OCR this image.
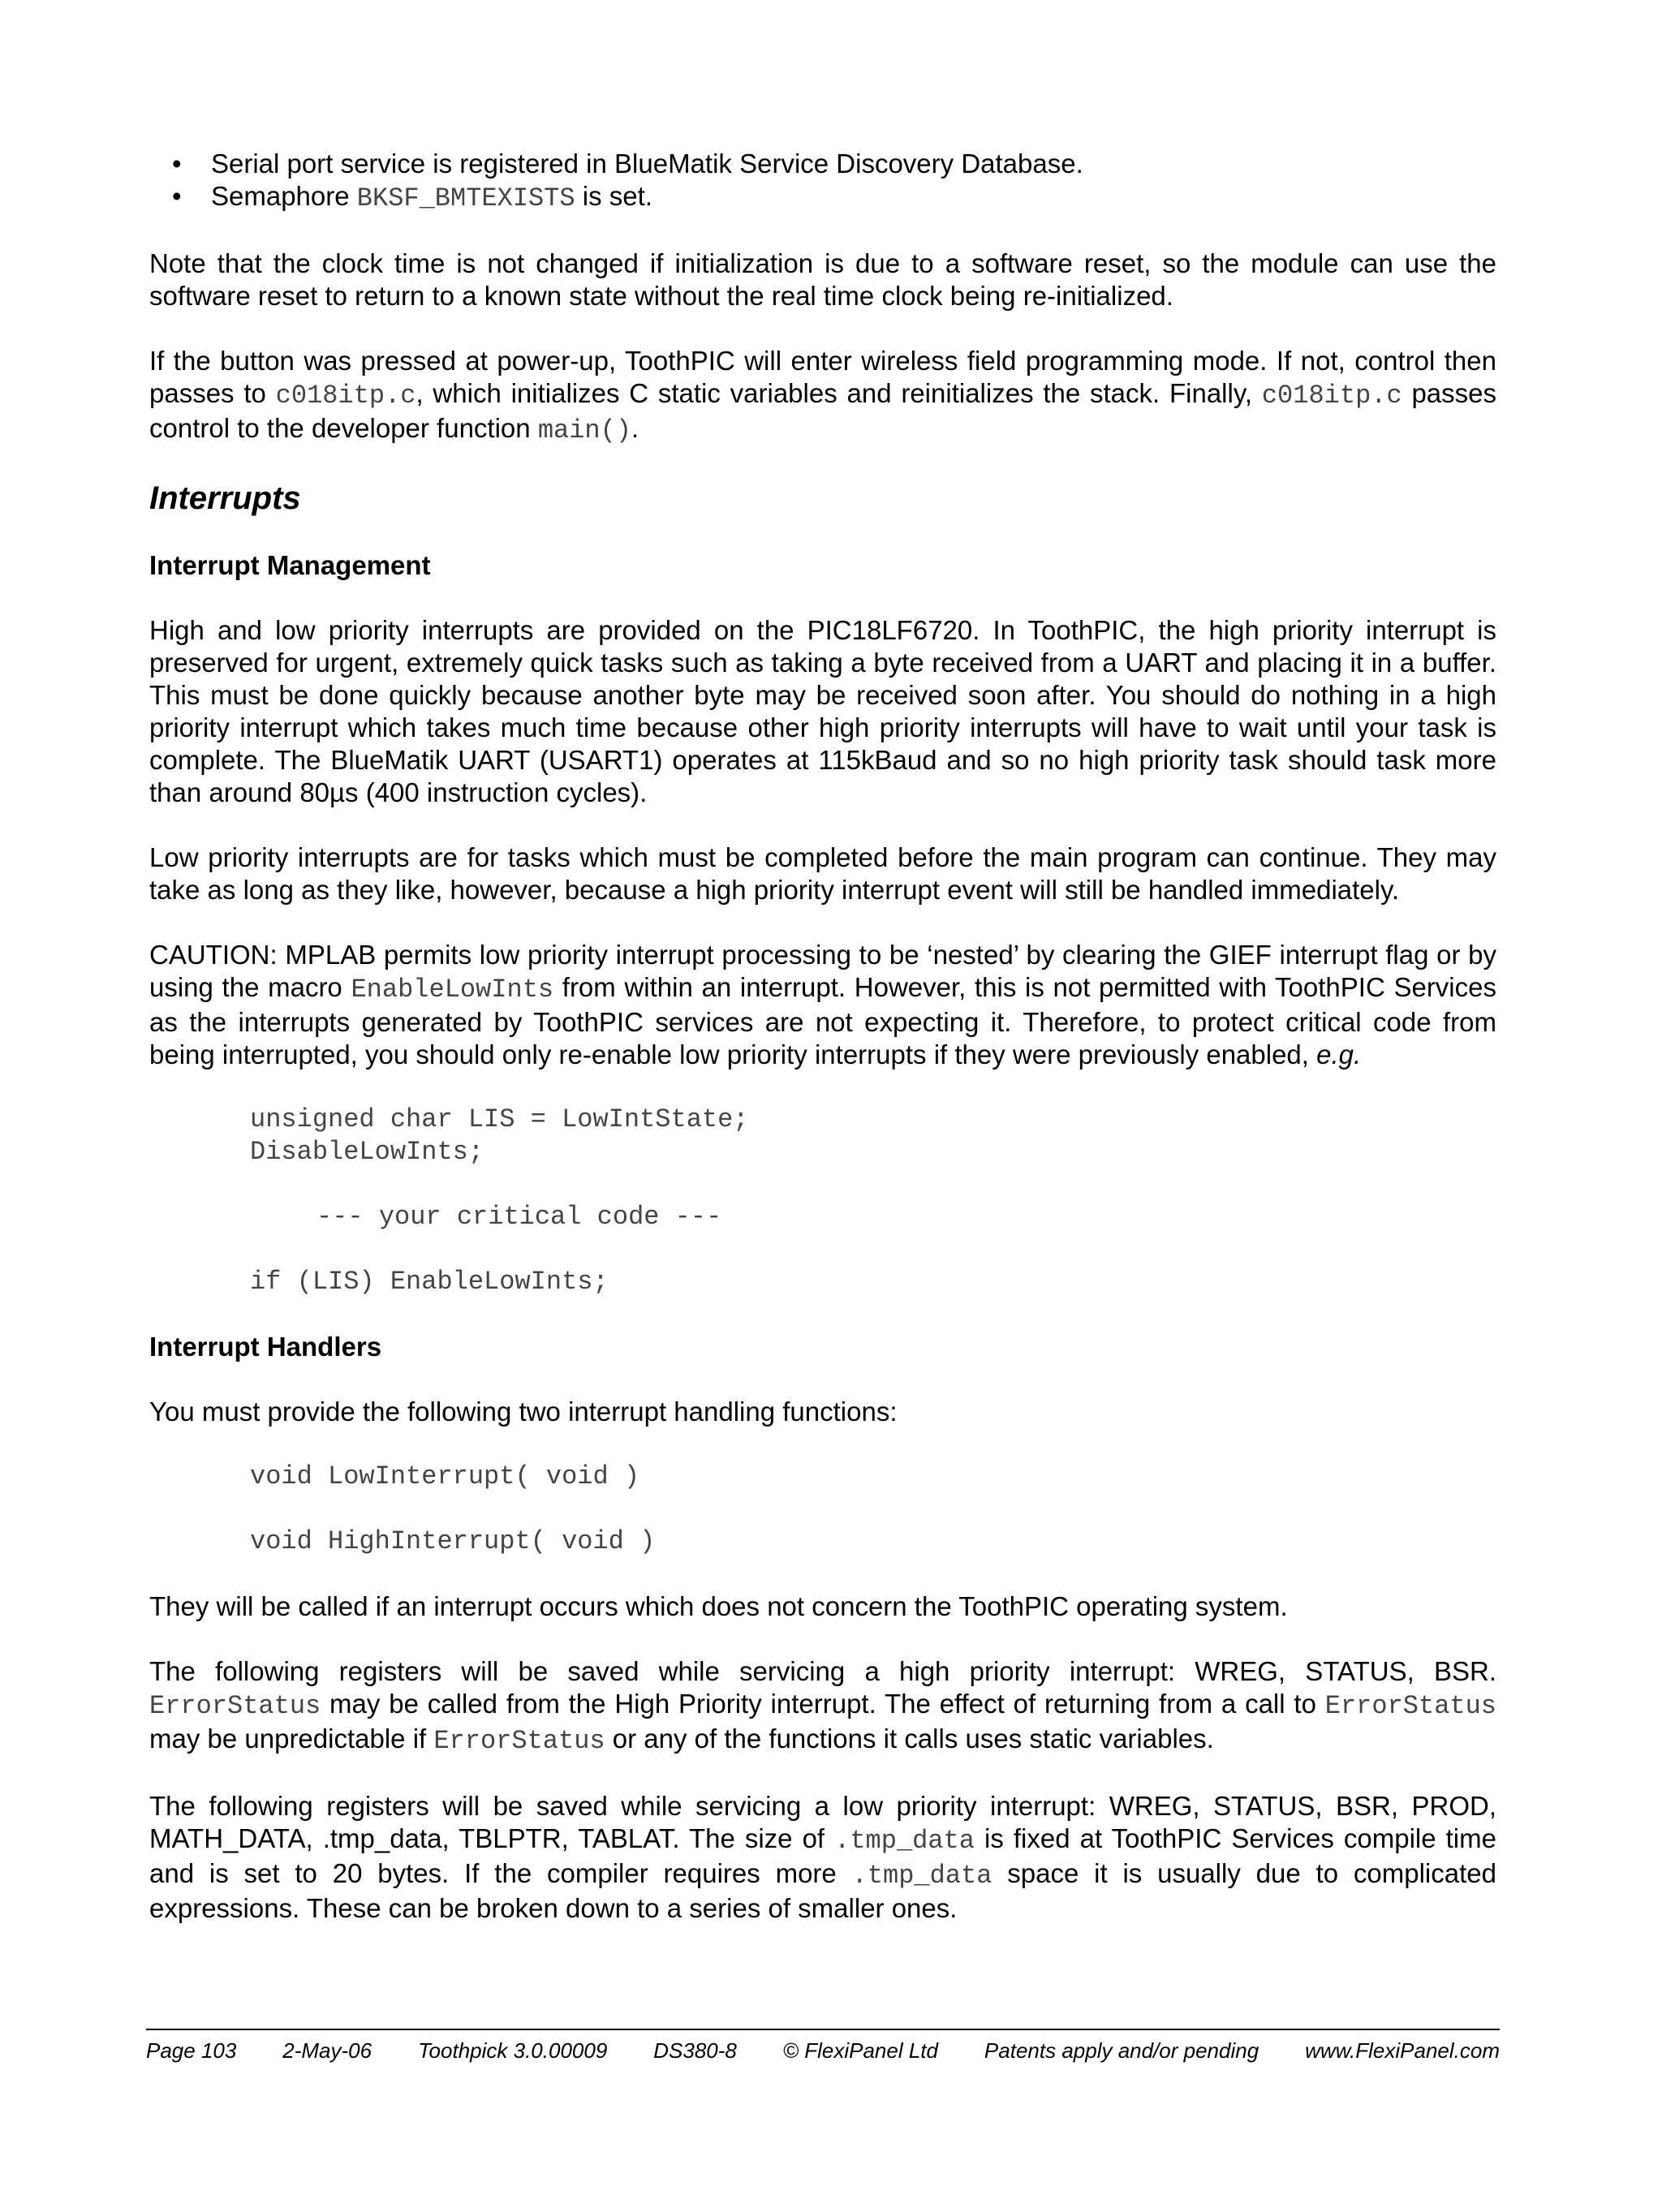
• Serial port service is registered in BlueMatik Service Discovery Database.
• Semaphore BKSF_BMTEXISTS is set.

Note that the clock time is not changed if initialization is due to a software reset, so the module can use the software reset to return to a known state without the real time clock being re-initialized.

If the button was pressed at power-up, ToothPIC will enter wireless field programming mode. If not, control then passes to c018itp.c, which initializes C static variables and reinitializes the stack. Finally, c018itp.c passes control to the developer function main().

Interrupts
Interrupt Management

High and low priority interrupts are provided on the PIC18LF6720. In ToothPIC, the high priority interrupt is preserved for urgent, extremely quick tasks such as taking a byte received from a UART and placing it in a buffer. This must be done quickly because another byte may be received soon after. You should do nothing in a high priority interrupt which takes much time because other high priority interrupts will have to wait until your task is complete. The BlueMatik UART (USART1) operates at 115kBaud and so no high priority task should task more than around 80µs (400 instruction cycles).

Low priority interrupts are for tasks which must be completed before the main program can continue. They may take as long as they like, however, because a high priority interrupt event will still be handled immediately.

CAUTION: MPLAB permits low priority interrupt processing to be ‘nested’ by clearing the GIEF interrupt flag or by using the macro EnableLowInts from within an interrupt. However, this is not permitted with ToothPIC Services as the interrupts generated by ToothPIC services are not expecting it. Therefore, to protect critical code from being interrupted, you should only re-enable low priority interrupts if they were previously enabled, e.g.

unsigned char LIS = LowIntState;
DisableLowInts;

--- your critical code ---

if (LIS) EnableLowInts;
Interrupt Handlers

You must provide the following two interrupt handling functions:

void LowInterrupt( void )

void HighInterrupt( void )

They will be called if an interrupt occurs which does not concern the ToothPIC operating system.

The following registers will be saved while servicing a high priority interrupt: WREG, STATUS, BSR. ErrorStatus may be called from the High Priority interrupt. The effect of returning from a call to ErrorStatus may be unpredictable if ErrorStatus or any of the functions it calls uses static variables.

The following registers will be saved while servicing a low priority interrupt: WREG, STATUS, BSR, PROD, MATH_DATA, .tmp_data, TBLPTR, TABLAT. The size of .tmp_data is fixed at ToothPIC Services compile time and is set to 20 bytes. If the compiler requires more .tmp_data space it is usually due to complicated expressions. These can be broken down to a series of smaller ones.

Page 103 2-May-06 Toothpick 3.0.00009 DS380-8 © FlexiPanel Ltd Patents apply and/or pending www.FlexiPanel.com
